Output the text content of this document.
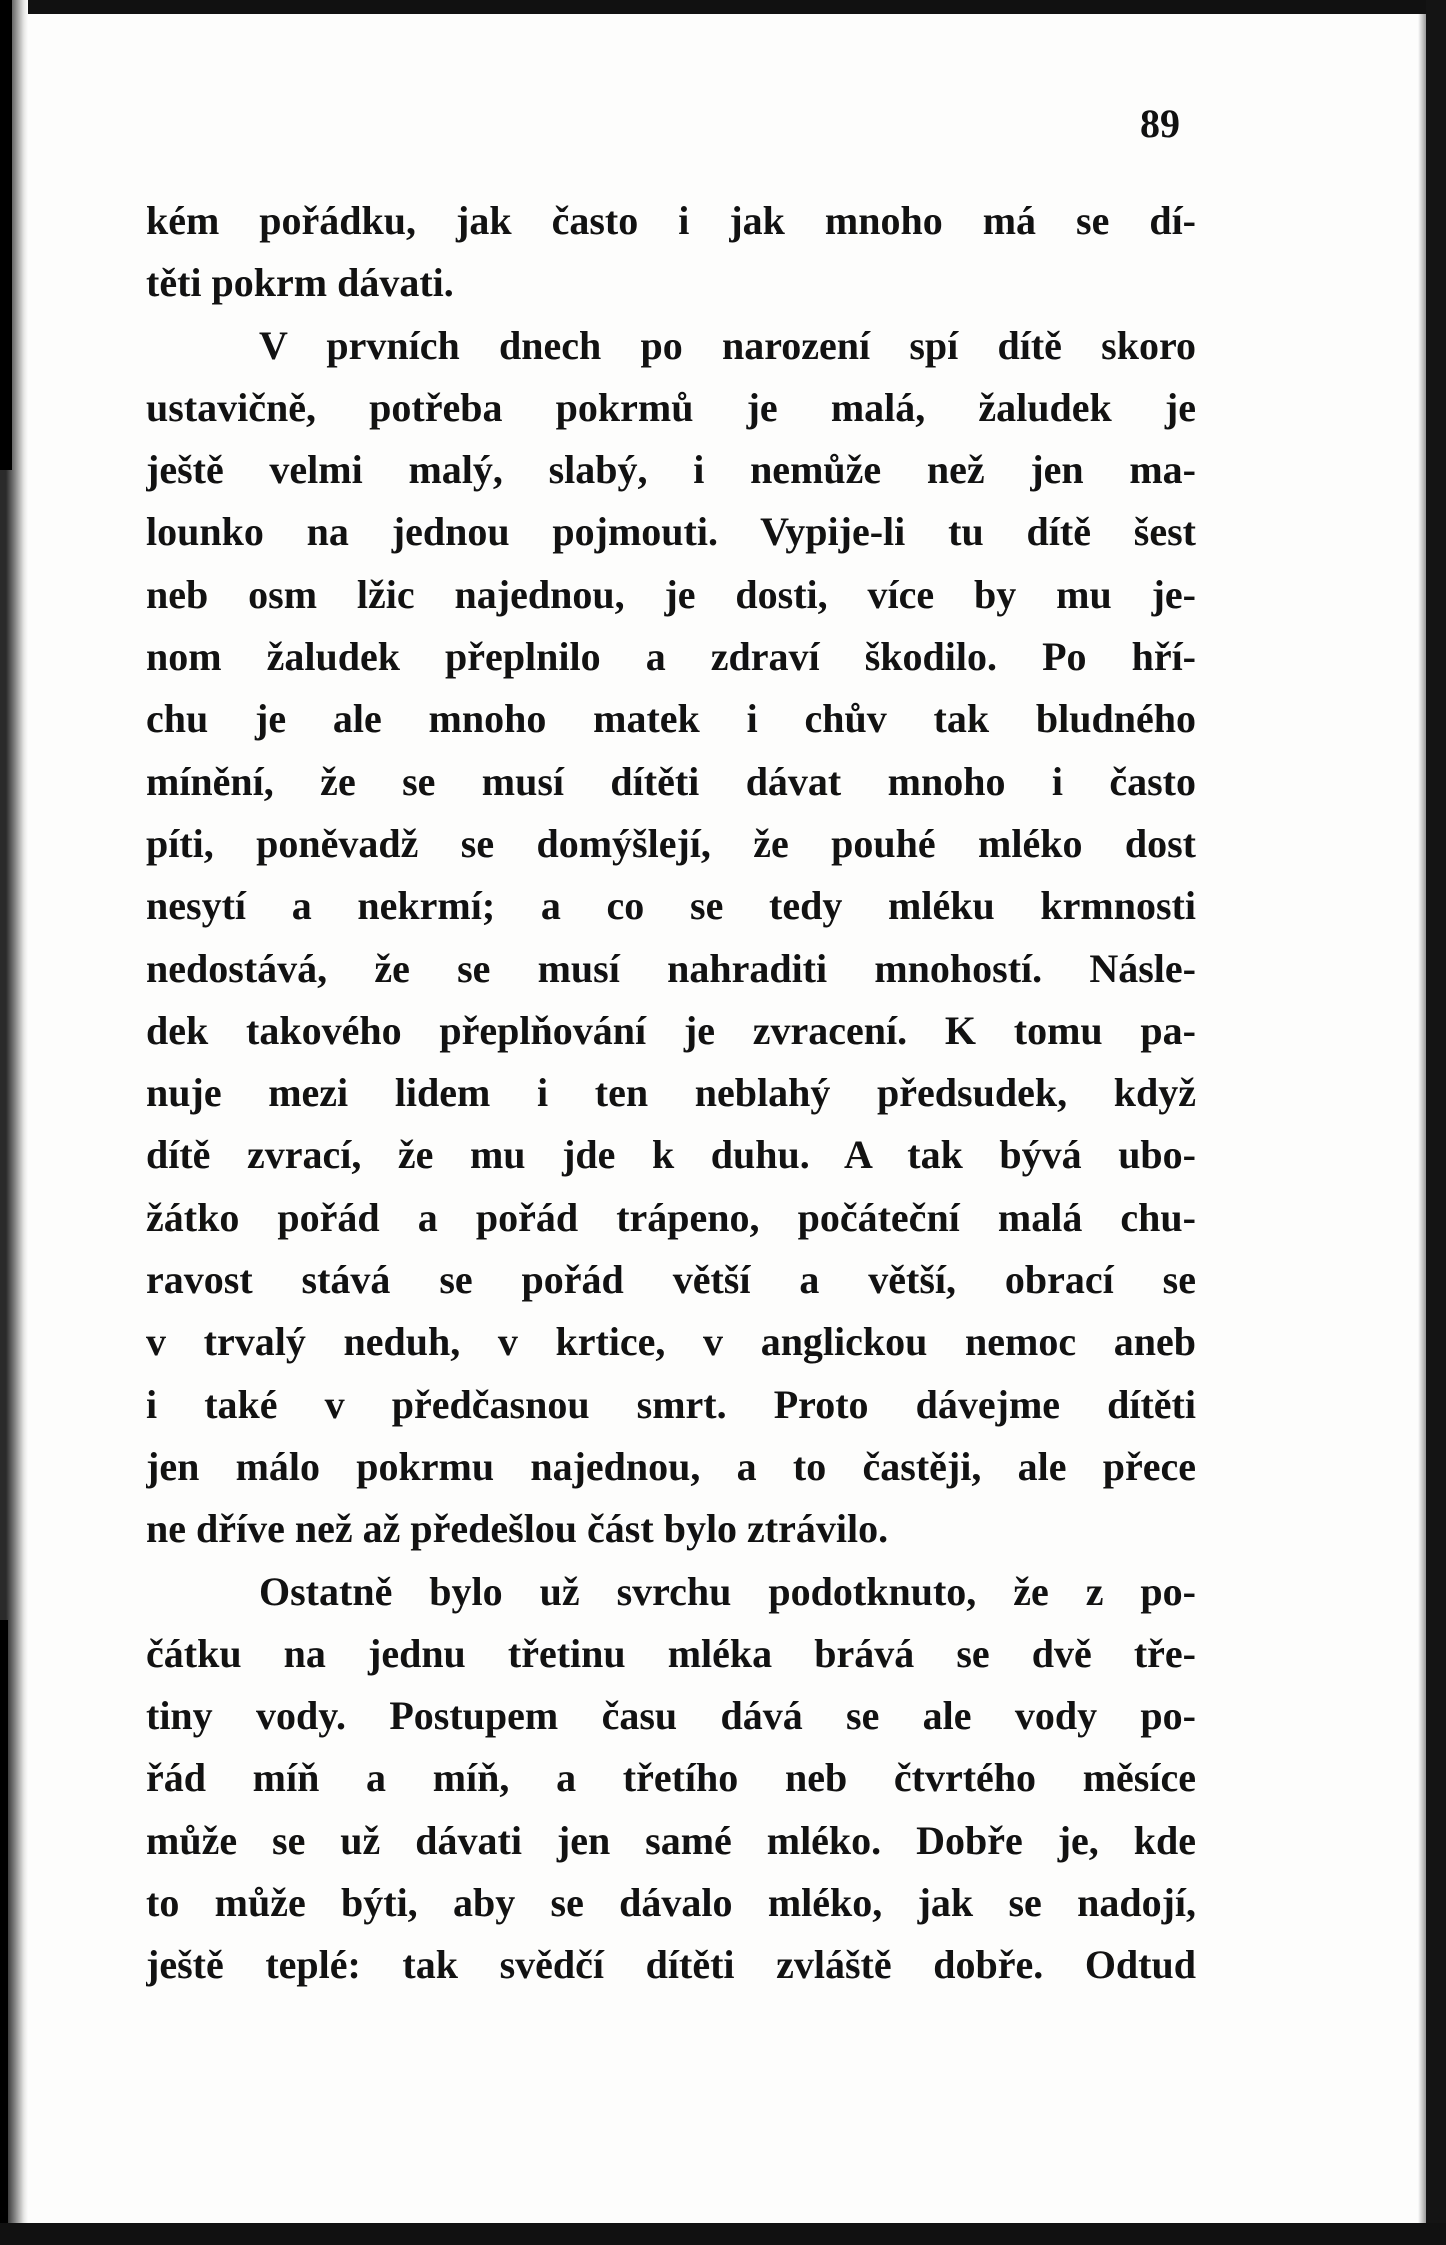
89
kém pořádku, jak často i jak mnoho má se dí-
těti pokrm dávati.
V prvních dnech po narození spí dítě skoro
ustavičně, potřeba pokrmů je malá, žaludek je
ještě velmi malý, slabý, i nemůže než jen ma-
lounko na jednou pojmouti. Vypije-li tu dítě šest
neb osm lžic najednou, je dosti, více by mu je-
nom žaludek přeplnilo a zdraví škodilo. Po hří-
chu je ale mnoho matek i chův tak bludného
mínění, že se musí dítěti dávat mnoho i často
píti, poněvadž se domýšlejí, že pouhé mléko dost
nesytí a nekrmí; a co se tedy mléku krmnosti
nedostává, že se musí nahraditi mnohostí. Násle-
dek takového přeplňování je zvracení. K tomu pa-
nuje mezi lidem i ten neblahý předsudek, když
dítě zvrací, že mu jde k duhu. A tak bývá ubo-
žátko pořád a pořád trápeno, počáteční malá chu-
ravost stává se pořád větší a větší, obrací se
v trvalý neduh, v krtice, v anglickou nemoc aneb
i také v předčasnou smrt. Proto dávejme dítěti
jen málo pokrmu najednou, a to častěji, ale přece
ne dříve než až předešlou část bylo ztrávilo.
Ostatně bylo už svrchu podotknuto, že z po-
čátku na jednu třetinu mléka brává se dvě tře-
tiny vody. Postupem času dává se ale vody po-
řád míň a míň, a třetího neb čtvrtého měsíce
může se už dávati jen samé mléko. Dobře je, kde
to může býti, aby se dávalo mléko, jak se nadojí,
ještě teplé: tak svědčí dítěti zvláště dobře. Odtud
